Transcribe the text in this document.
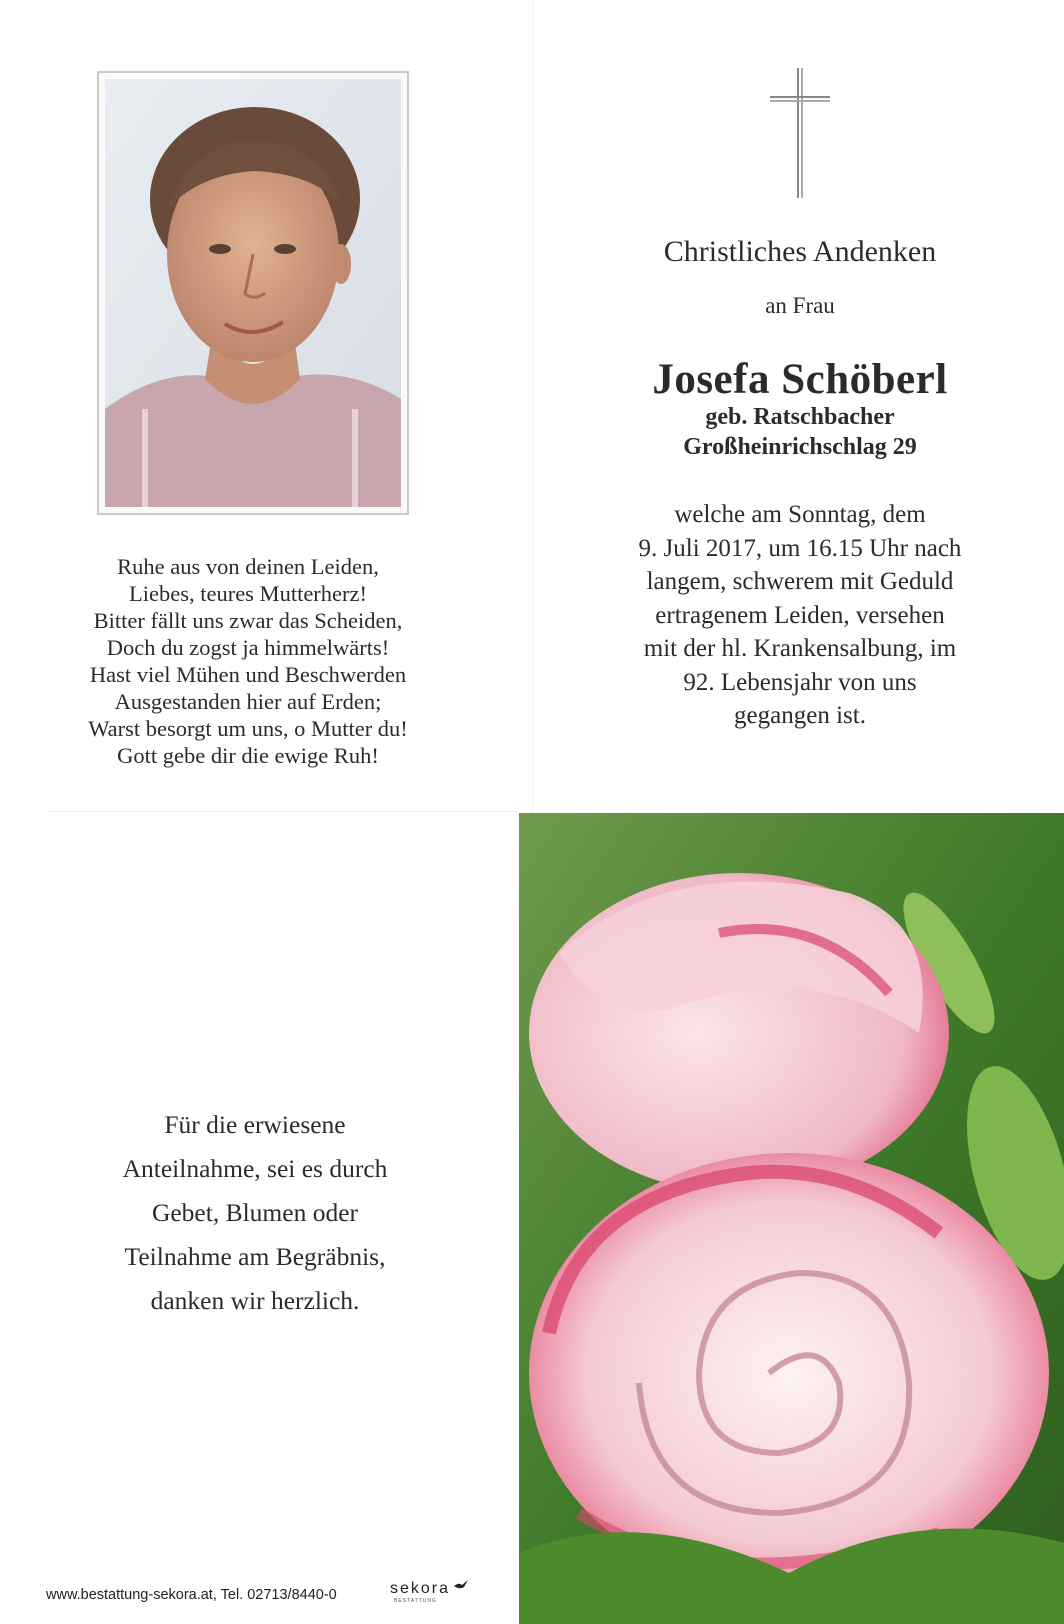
Ruhe aus von deinen Leiden,
Liebes, teures Mutterherz!
Bitter fällt uns zwar das Scheiden,
Doch du zogst ja himmelwärts!
Hast viel Mühen und Beschwerden
Ausgestanden hier auf Erden;
Warst besorgt um uns, o Mutter du!
Gott gebe dir die ewige Ruh!
Christliches Andenken
an Frau
Josefa Schöberl
geb. Ratschbacher
Großheinrichschlag 29
welche am Sonntag, dem
9. Juli 2017, um 16.15 Uhr nach
langem, schwerem mit Geduld
ertragenem Leiden, versehen
mit der hl. Krankensalbung, im
92. Lebensjahr von uns
gegangen ist.
Für die erwiesene
Anteilnahme, sei es durch
Gebet, Blumen oder
Teilnahme am Begräbnis,
danken wir herzlich.
www.bestattung-sekora.at, Tel. 02713/8440-0	sekora
BESTATTUNG
